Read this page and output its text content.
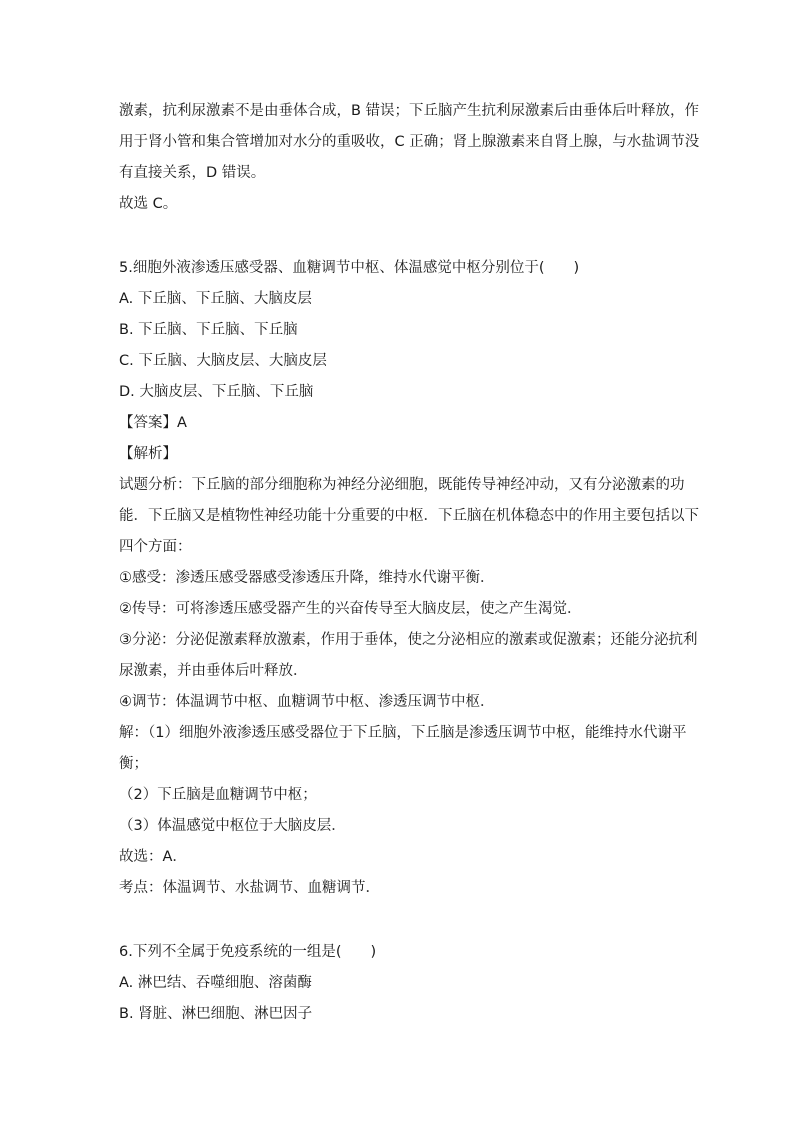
激素，抗利尿激素不是由垂体合成，B 错误；下丘脑产生抗利尿激素后由垂体后叶释放，作
用于肾小管和集合管增加对水分的重吸收，C 正确；肾上腺激素来自肾上腺，与水盐调节没
有直接关系，D 错误。
故选 C。
5.细胞外液渗透压感受器、血糖调节中枢、体温感觉中枢分别位于(　　)
A. 下丘脑、下丘脑、大脑皮层
B. 下丘脑、下丘脑、下丘脑
C. 下丘脑、大脑皮层、大脑皮层
D. 大脑皮层、下丘脑、下丘脑
【答案】A
【解析】
试题分析：下丘脑的部分细胞称为神经分泌细胞，既能传导神经冲动，又有分泌激素的功
能．下丘脑又是植物性神经功能十分重要的中枢．下丘脑在机体稳态中的作用主要包括以下
四个方面：
①感受：渗透压感受器感受渗透压升降，维持水代谢平衡．
②传导：可将渗透压感受器产生的兴奋传导至大脑皮层，使之产生渴觉．
③分泌：分泌促激素释放激素，作用于垂体，使之分泌相应的激素或促激素；还能分泌抗利
尿激素，并由垂体后叶释放．
④调节：体温调节中枢、血糖调节中枢、渗透压调节中枢．
解：（1）细胞外液渗透压感受器位于下丘脑，下丘脑是渗透压调节中枢，能维持水代谢平
衡；
（2）下丘脑是血糖调节中枢；
（3）体温感觉中枢位于大脑皮层．
故选：A．
考点：体温调节、水盐调节、血糖调节．
6.下列不全属于免疫系统的一组是(　　)
A. 淋巴结、吞噬细胞、溶菌酶
B. 肾脏、淋巴细胞、淋巴因子
